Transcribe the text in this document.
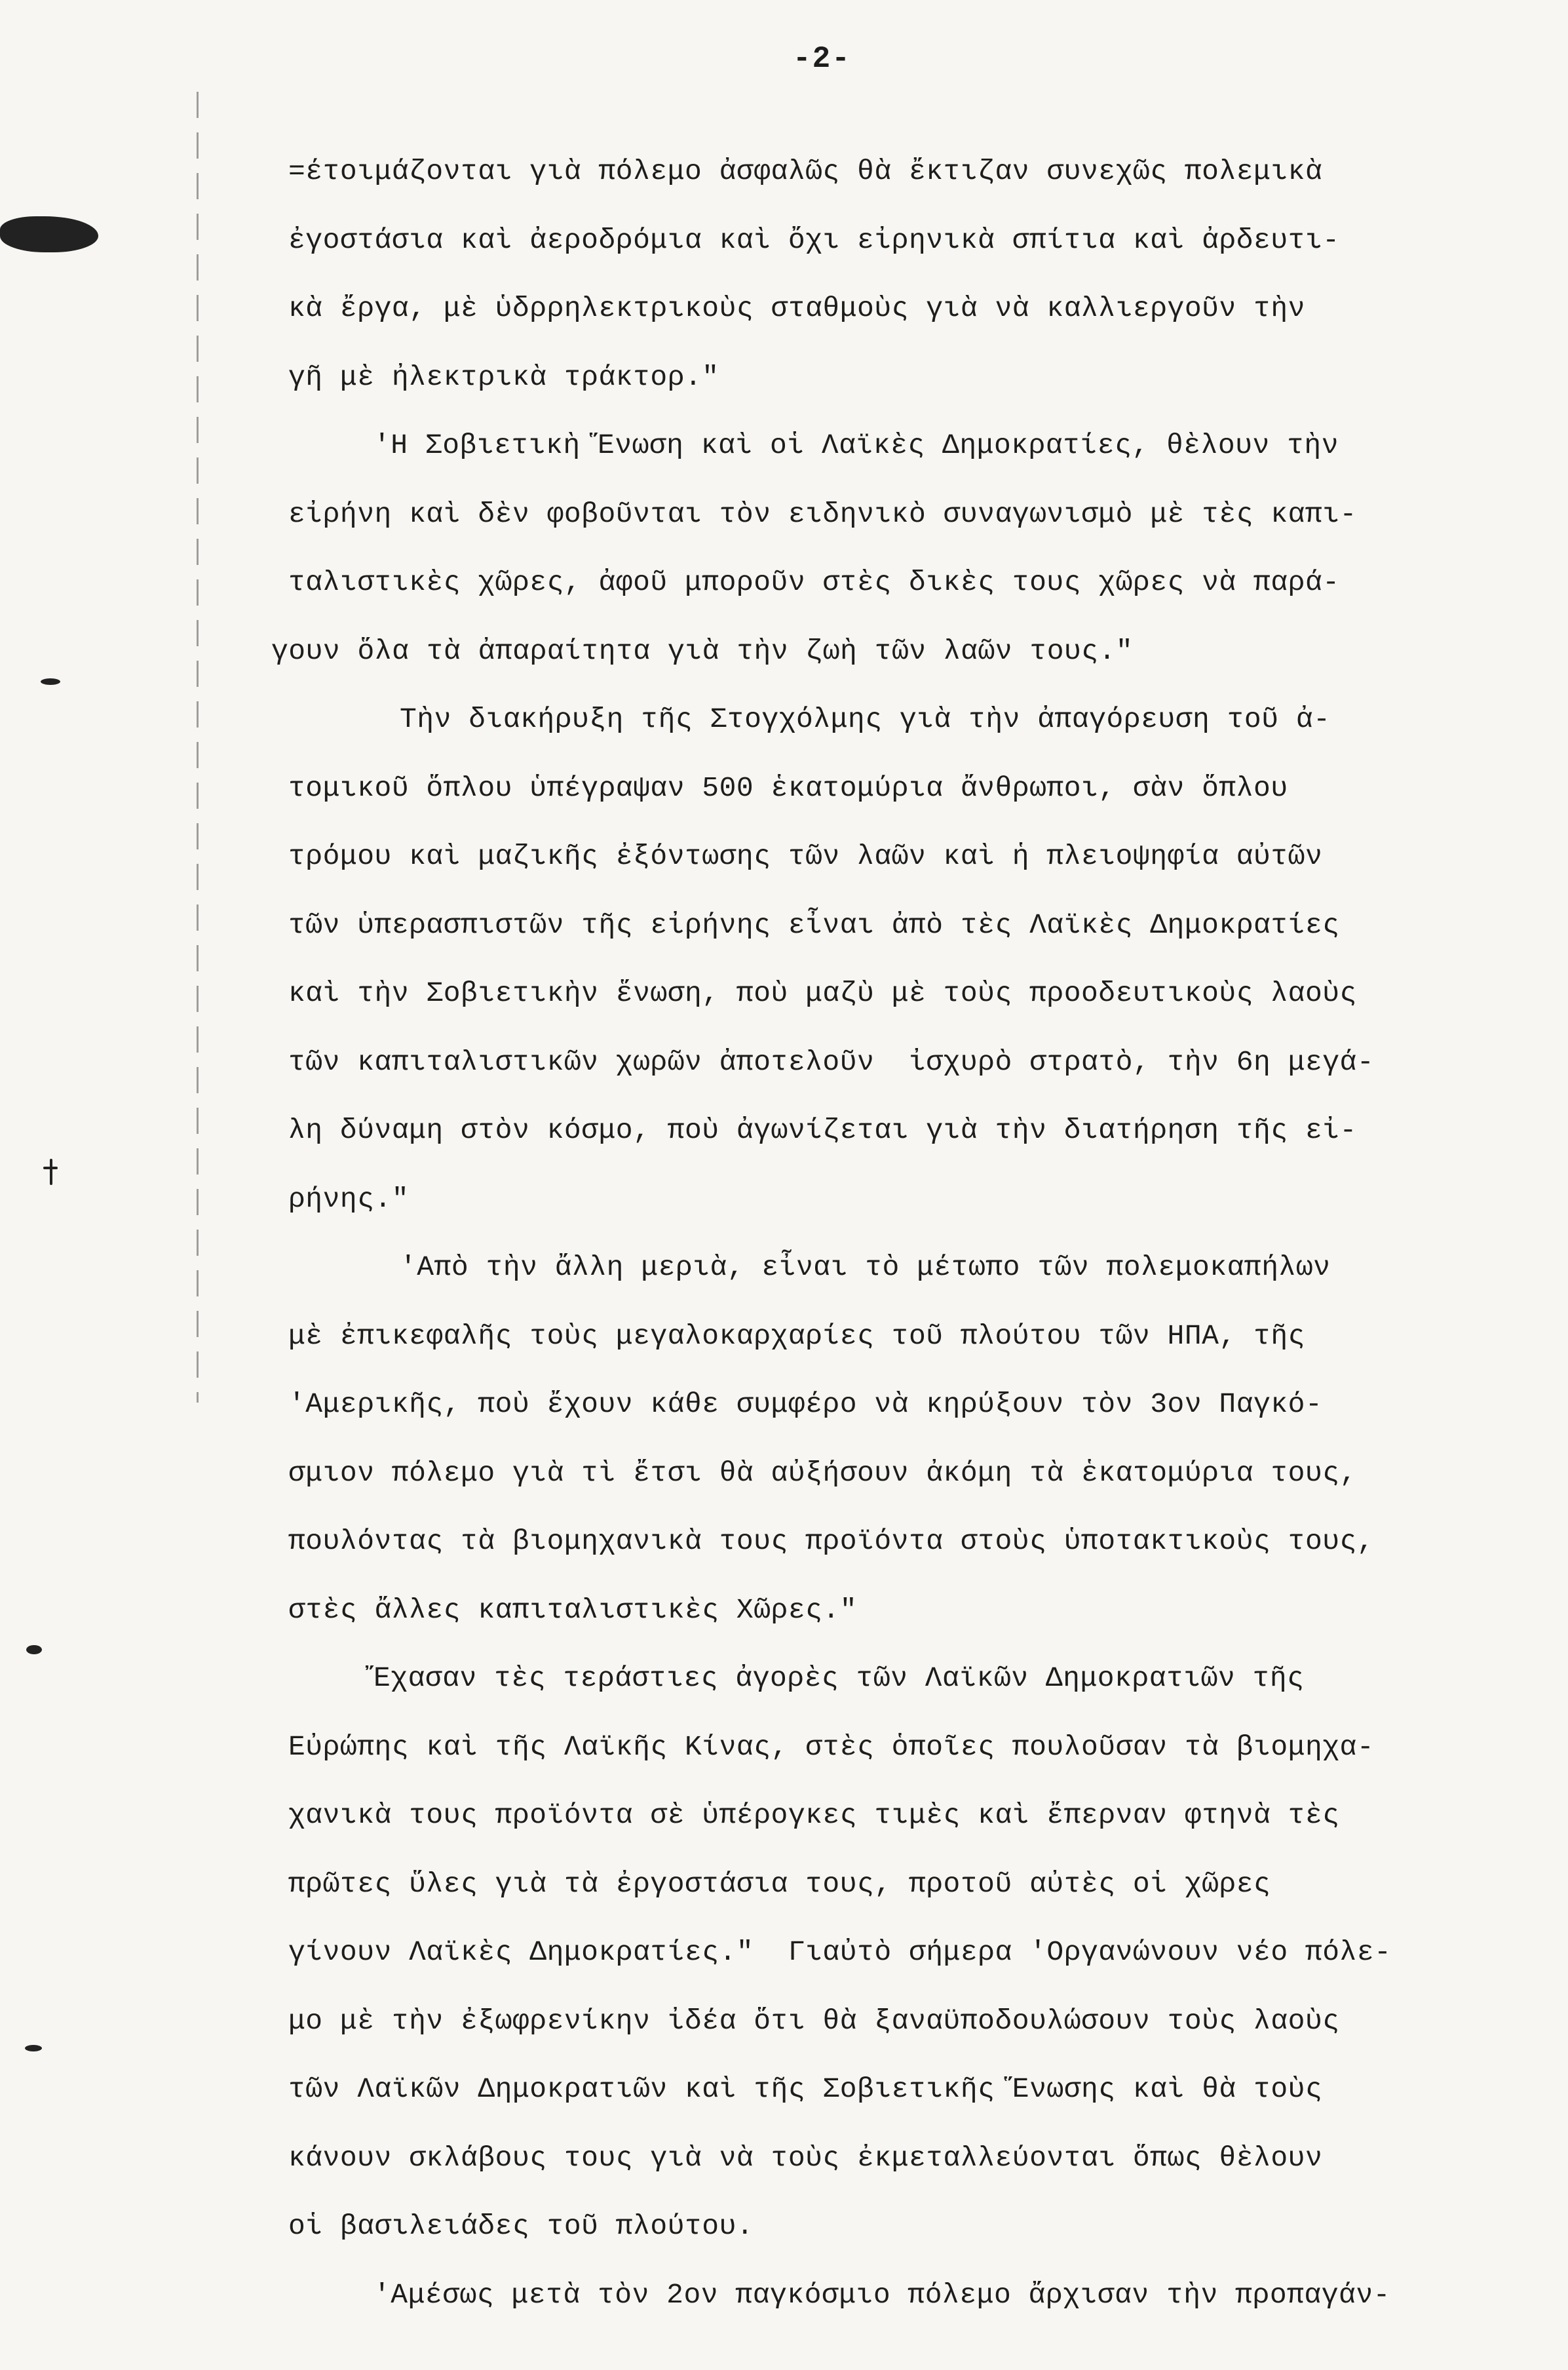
-2-
=έτοιμάζονται γιὰ πόλεμο ἀσφαλῶς θὰ ἔκτιζαν συνεχῶς πολεμικὰ
ἐγοστάσια καὶ ἀεροδρόμια καὶ ὄχι εἰρηνικὰ σπίτια καὶ ἀρδευτι-
κὰ ἔργα, μὲ ὑδρρηλεκτρικοὺς σταθμοὺς γιὰ νὰ καλλιεργοῦν τὴν
γῆ μὲ ἠλεκτρικὰ τράκτορ."
'Η Σοβιετικὴ Ἕνωση καὶ οἱ Λαϊκὲς Δημοκρατίες, θὲλουν τὴν
εἰρήνη καὶ δὲν φοβοῦνται τὸν ειδηνικὸ συναγωνισμὸ μὲ τὲς καπι-
ταλιστικὲς χῶρες, ἀφοῦ μποροῦν στὲς δικὲς τους χῶρες νὰ παρά-
γουν ὅλα τὰ ἀπαραίτητα γιὰ τὴν ζωὴ τῶν λαῶν τους."
Τὴν διακήρυξη τῆς Στογχόλμης γιὰ τὴν ἀπαγόρευση τοῦ ἀ-
τομικοῦ ὅπλου ὑπέγραψαν 500 ἑκατομύρια ἄνθρωποι, σὰν ὅπλου
τρόμου καὶ μαζικῆς ἐξόντωσης τῶν λαῶν καὶ ἡ πλειοψηφία αὐτῶν
τῶν ὑπερασπιστῶν τῆς εἰρήνης εἶναι ἀπὸ τὲς Λαϊκὲς Δημοκρατίες
καὶ τὴν Σοβιετικὴν ἕνωση, ποὺ μαζὺ μὲ τοὺς προοδευτικοὺς λαοὺς
τῶν καπιταλιστικῶν χωρῶν ἀποτελοῦν  ἰσχυρὸ στρατὸ, τὴν 6η μεγά-
λη δύναμη στὸν κόσμο, ποὺ ἀγωνίζεται γιὰ τὴν διατήρηση τῆς εἰ-
ρήνης."
'Απὸ τὴν ἄλλη μεριὰ, εἶναι τὸ μέτωπο τῶν πολεμοκαπήλων
μὲ ἐπικεφαλῆς τοὺς μεγαλοκαρχαρίες τοῦ πλούτου τῶν ΗΠΑ, τῆς
'Αμερικῆς, ποὺ ἔχουν κάθε συμφέρο νὰ κηρύξουν τὸν 3ον Παγκό-
σμιον πόλεμο γιὰ τὶ ἔτσι θὰ αὐξήσουν ἀκόμη τὰ ἑκατομύρια τους,
πουλόντας τὰ βιομηχανικὰ τους προϊόντα στοὺς ὑποτακτικοὺς τους,
στὲς ἄλλες καπιταλιστικὲς Χῶρες."
Ἔχασαν τὲς τεράστιες ἀγορὲς τῶν Λαϊκῶν Δημοκρατιῶν τῆς
Εὐρώπης καὶ τῆς Λαϊκῆς Κίνας, στὲς ὁποῖες πουλοῦσαν τὰ βιομηχα-
χανικὰ τους προϊόντα σὲ ὑπέρογκες τιμὲς καὶ ἔπερναν φτηνὰ τὲς
πρῶτες ὕλες γιὰ τὰ ἐργοστάσια τους, προτοῦ αὐτὲς οἱ χῶρες
γίνουν Λαϊκὲς Δημοκρατίες."  Γιαὐτὸ σήμερα 'Οργανώνουν νέο πόλε-
μο μὲ τὴν ἐξωφρενίκην ἰδέα ὅτι θὰ ξαναϋποδουλώσουν τοὺς λαοὺς
τῶν Λαϊκῶν Δημοκρατιῶν καὶ τῆς Σοβιετικῆς Ἕνωσης καὶ θὰ τοὺς
κάνουν σκλάβους τους γιὰ νὰ τοὺς ἐκμεταλλεύονται ὅπως θὲλουν
οἱ βασιλειάδες τοῦ πλούτου.
'Αμέσως μετὰ τὸν 2ον παγκόσμιο πόλεμο ἄρχισαν τὴν προπαγάν-
